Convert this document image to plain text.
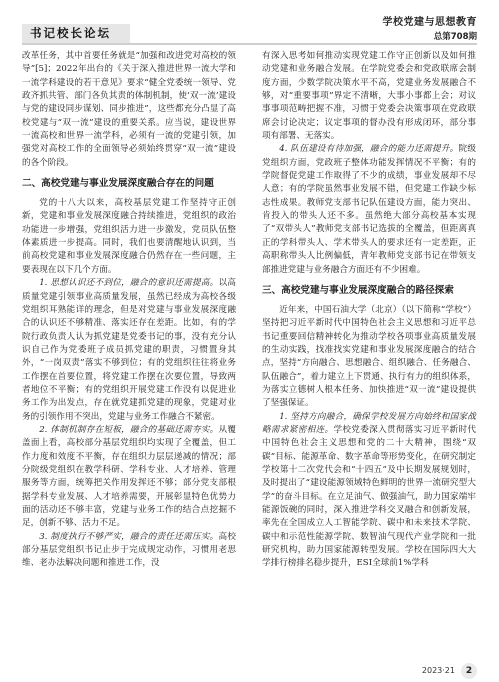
书记校长论坛
学校党建与思想教育
总第708期

改革任务，其中首要任务就是“加强和改进党对高校的领导”[5]；2022年出台的《关于深入推进世界一流大学和一流学科建设的若干意见》要求“健全党委统一领导、党政齐抓共管、部门各负其责的体制机制，使‘双一流’建设与党的建设同步谋划、同步推进”，这些都充分凸显了高校党建与“双一流”建设的重要关系。应当说，建设世界一流高校和世界一流学科，必须有一流的党建引领，加强党对高校工作的全面领导必须始终贯穿“双一流”建设的各个阶段。

二、高校党建与事业发展深度融合存在的问题

党的十八大以来，高校基层党建工作坚持守正创新，党建和事业发展深度融合持续推进，党组织的政治功能进一步增强，党组织活力进一步激发，党员队伍整体素质进一步提高。同时，我们也要清醒地认识到，当前高校党建和事业发展深度融合仍然存在一些问题，主要表现在以下几个方面。

1. 思想认识还不到位，融合的意识还需提高。以高质量党建引领事业高质量发展，虽然已经成为高校各级党组织耳熟能详的理念，但是对党建与事业发展深度融合的认识还不够精准、落实还存在差距。比如，有的学院行政负责人认为抓党建是党委书记的事，没有充分认识自己作为党委班子成员抓党建的职责，习惯置身其外，“一岗双责”落实不够到位；有的党组织往往将业务工作摆在首要位置，将党建工作摆在次要位置，导致两者地位不平衡；有的党组织开展党建工作没有以促进业务工作为出发点，存在就党建抓党建的现象，党建对业务的引领作用不突出，党建与业务工作融合不紧密。

2. 体制机制存在短板，融合的基础还需夯实。从覆盖面上看，高校部分基层党组织均实现了全覆盖，但工作力度和效度不平衡，存在组织力层层递减的情况；部分院级党组织在教学科研、学科专业、人才培养、管理服务等方面，统筹把关作用发挥还不够；部分党支部根据学科专业发展、人才培养需要，开展彰显特色优势力面的活动还不够丰富，党建与业务工作的结合点挖掘不足，创新不够、活力不足。

3. 制度执行不够严实，融合的责任还需压实。高校部分基层党组织书记止步于完成规定动作，习惯用老思维、老办法解决问题和推进工作，没

有深入思考如何推动实现党建工作守正创新以及如何推动党建和业务融合发展。在学院党委会和党政联席会制度方面，少数学院决策水平不高，党建业务发展融合不够，对“重要事项”界定不清晰，大事小事都上会；对议事事项范畴把握不准，习惯于党委会决策事项在党政联席会讨论决定；议定事项的督办没有形成闭环，部分事项有部署、无落实。

4. 队伍建设有待加强，融合的能力还需提升。院级党组织方面，党政班子整体功能发挥情况不平衡；有的学院督促党建工作取得了不少的成绩，事业发展却不尽人意；有的学院虽然事业发展不错，但党建工作缺少标志性成果。教师党支部书记队伍建设方面，能力突出、肯投入的带头人还不多。虽然绝大部分高校基本实现了“双带头人”教师党支部书记选拔的全覆盖，但距离真正的学科带头人、学术带头人的要求还有一定差距，正高职称带头人比例偏低，青年教师党支部书记在带领支部推进党建与业务融合方面还有不少困难。

三、高校党建与事业发展深度融合的路径探索

近年来，中国石油大学（北京）（以下简称“学校”）坚持把习近平新时代中国特色社会主义思想和习近平总书记重要回信精神转化为推动学校各项事业高质量发展的生动实践，找准找实党建和事业发展深度融合的结合点，坚持“方向融合、思想融合、组织融合、任务融合、队伍融合”，着力建立上下贯通、执行有力的组织体系，为落实立德树人根本任务、加快推进“双一流”建设提供了坚强保证。

1. 坚持方向融合，确保学校发展方向始终和国家战略需求紧密相连。学校党委深入贯彻落实习近平新时代中国特色社会主义思想和党的二十大精神，围绕“双碳”目标、能源革命、数字革命等形势变化，在研究制定学校第十二次党代会和“十四五”及中长期发展规划时，及时提出了“建设能源领域特色鲜明的世界一流研究型大学”的奋斗目标。在立足油气、做强油气，助力国家端牢能源饭碗的同时，深入推进学科交叉融合和创新发展，率先在全国成立人工智能学院、碳中和未来技术学院、碳中和示范性能源学院、数智油气现代产业学院和一批研究机构，助力国家能源转型发展。学校在国际四大大学排行榜排名稳步提升，ESI全球前1%学科

2023·21	2
